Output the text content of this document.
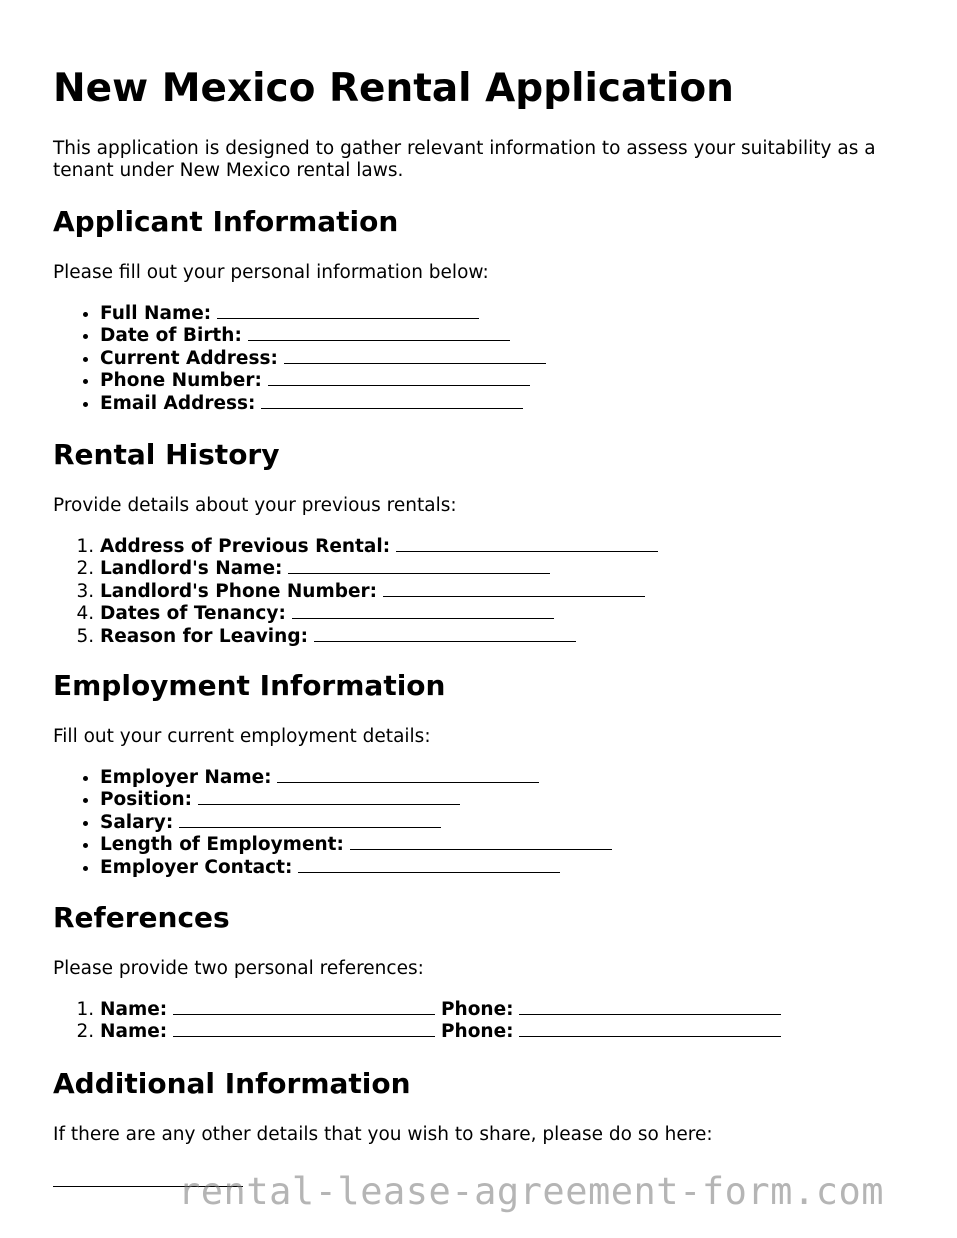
New Mexico Rental Application

This application is designed to gather relevant information to assess your suitability as a tenant under New Mexico rental laws.

Applicant Information

Please fill out your personal information below:

• Full Name:
• Date of Birth:
• Current Address:
• Phone Number:
• Email Address:
Rental History

Provide details about your previous rentals:

1. Address of Previous Rental:
2. Landlord's Name:
3. Landlord's Phone Number:
4. Dates of Tenancy:
5. Reason for Leaving:
Employment Information

Fill out your current employment details:

• Employer Name:
• Position:
• Salary:
• Length of Employment:
• Employer Contact:
References

Please provide two personal references:

1. Name:	Phone:
2. Name:	Phone:
Additional Information

If there are any other details that you wish to share, please do so here:

rental-lease-agreement-form.com
